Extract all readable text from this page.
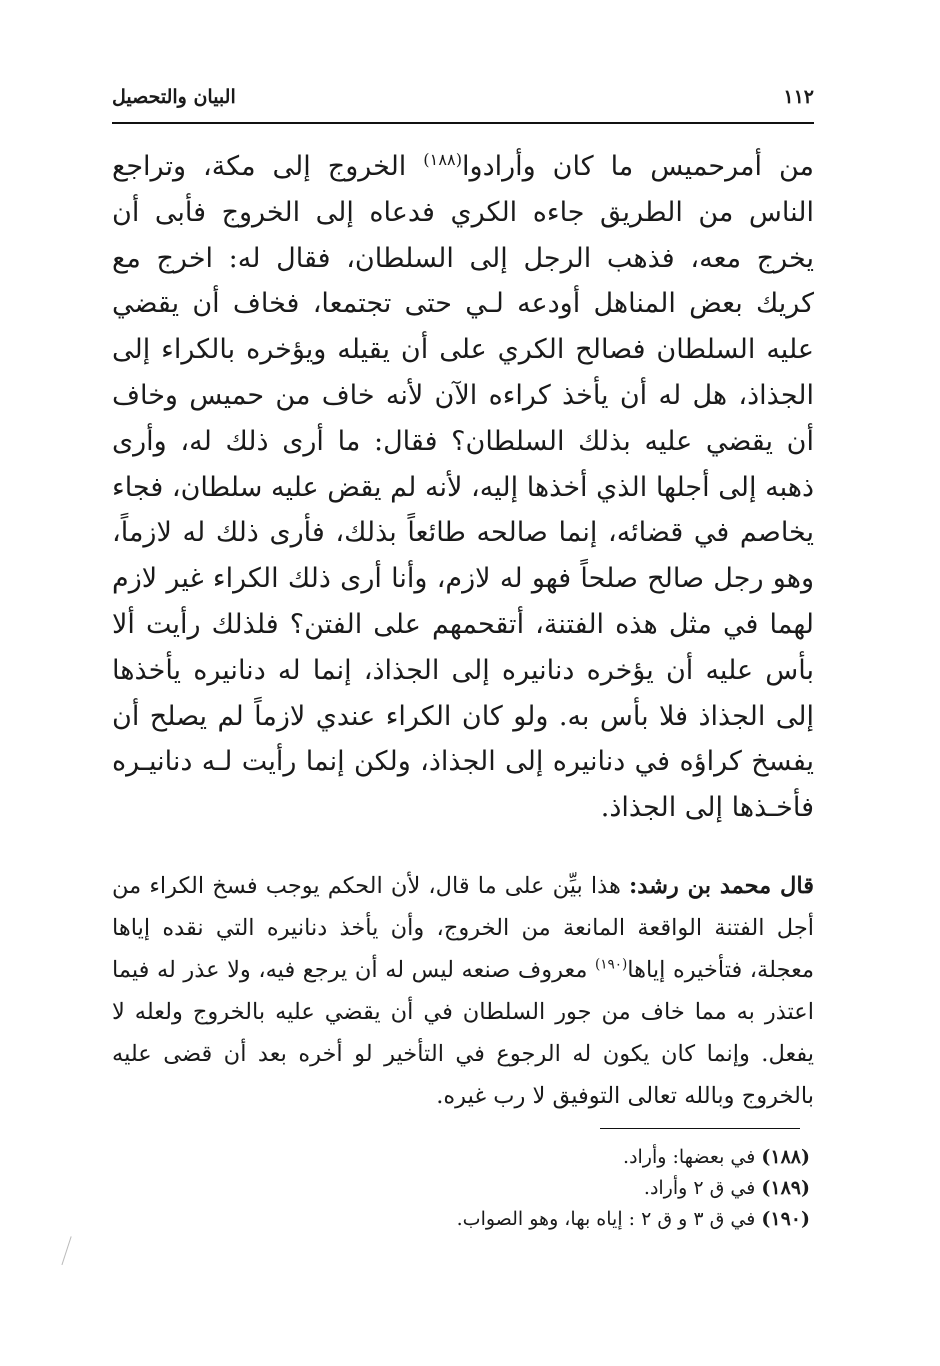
١١٢
البيان والتحصيل

من أمرحميس ما كان وأرادوا$^{(١٨٨)}$ الخروج إلى مكة، وتراجع الناس من الطريق جاءه الكري فدعاه إلى الخروج فأبى أن يخرج معه، فذهب الرجل إلى السلطان، فقال له: اخرج مع كريك بعض المناهل أودعه لـي حتى تجتمعا، فخاف أن يقضي عليه السلطان فصالح الكري على أن يقيله ويؤخره بالكراء إلى الجذاذ، هل له أن يأخذ كراءه الآن لأنه خاف من حميس وخاف أن يقضي عليه بذلك السلطان؟ فقال: ما أرى ذلك له، وأرى ذهبه إلى أجلها الذي أخذها إليه، لأنه لم يقض عليه سلطان، فجاء يخاصم في قضائه، إنما صالحه طائعاً بذلك، فأرى ذلك له لازماً، وهو رجل صالح صلحاً فهو له لازم، وأنا أرى ذلك الكراء غير لازم لهما في مثل هذه الفتنة، أتقحمهم على الفتن؟ فلذلك رأيت ألا بأس عليه أن يؤخره دنانيره إلى الجذاذ، إنما له دنانيره يأخذها إلى الجذاذ فلا بأس به. ولو كان الكراء عندي لازماً لم يصلح أن يفسخ كراؤه في دنانيره إلى الجذاذ، ولكن إنما رأيت لـه دنانيـره فأخـذها إلى الجذاذ.

قال محمد بن رشد: هذا بيِّن على ما قال، لأن الحكم يوجب فسخ الكراء من أجل الفتنة الواقعة المانعة من الخروج، وأن يأخذ دنانيره التي نقده إياها معجلة، فتأخيره إياها$^{(١٩٠)}$ معروف صنعه ليس له أن يرجع فيه، ولا عذر له فيما اعتذر به مما خاف من جور السلطان في أن يقضي عليه بالخروج ولعله لا يفعل. وإنما كان يكون له الرجوع في التأخير لو أخره بعد أن قضى عليه بالخروج وبالله تعالى التوفيق لا رب غيره.

(١٨٨) في بعضها: وأراد.
(١٨٩) في ق ٢ وأراد.
(١٩٠) في ق ٣ و ق ٢ : إياه بها، وهو الصواب.
